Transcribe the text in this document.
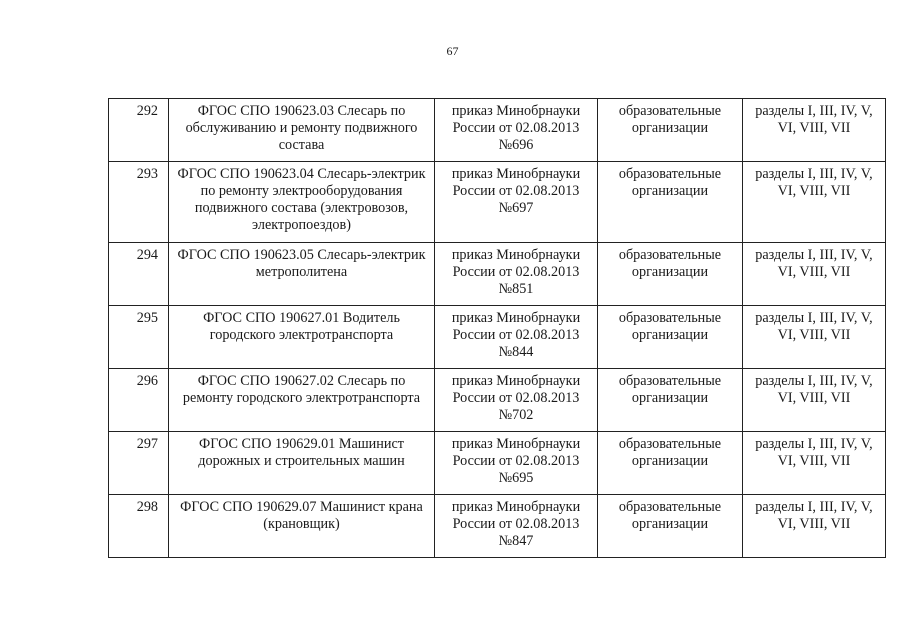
67
292	ФГОС СПО 190623.03 Слесарь по обслуживанию и ремонту подвижного состава	приказ Минобрнауки России от 02.08.2013 №696	образовательные организации	разделы I, III, IV, V, VI, VIII, VII
293	ФГОС СПО 190623.04 Слесарь-электрик по ремонту электрооборудования подвижного состава (электровозов, электропоездов)	приказ Минобрнауки России от 02.08.2013 №697	образовательные организации	разделы I, III, IV, V, VI, VIII, VII
294	ФГОС СПО 190623.05 Слесарь-электрик метрополитена	приказ Минобрнауки России от 02.08.2013 №851	образовательные организации	разделы I, III, IV, V, VI, VIII, VII
295	ФГОС СПО 190627.01 Водитель городского электротранспорта	приказ Минобрнауки России от 02.08.2013 №844	образовательные организации	разделы I, III, IV, V, VI, VIII, VII
296	ФГОС СПО 190627.02 Слесарь по ремонту городского электротранспорта	приказ Минобрнауки России от 02.08.2013 №702	образовательные организации	разделы I, III, IV, V, VI, VIII, VII
297	ФГОС СПО 190629.01 Машинист дорожных и строительных машин	приказ Минобрнауки России от 02.08.2013 №695	образовательные организации	разделы I, III, IV, V, VI, VIII, VII
298	ФГОС СПО 190629.07 Машинист крана (крановщик)	приказ Минобрнауки России от 02.08.2013 №847	образовательные организации	разделы I, III, IV, V, VI, VIII, VII
